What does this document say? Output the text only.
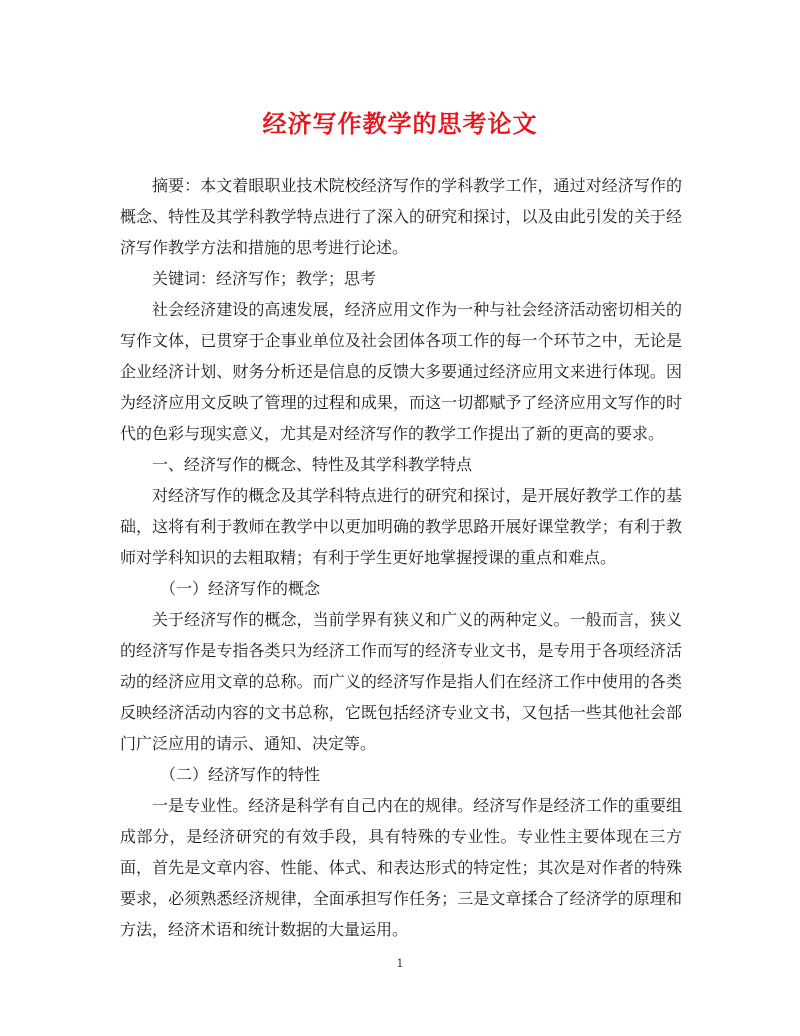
经济写作教学的思考论文

摘要：本文着眼职业技术院校经济写作的学科教学工作，通过对经济写作的概念、特性及其学科教学特点进行了深入的研究和探讨，以及由此引发的关于经济写作教学方法和措施的思考进行论述。

关键词：经济写作；教学；思考

社会经济建设的高速发展，经济应用文作为一种与社会经济活动密切相关的写作文体，已贯穿于企事业单位及社会团体各项工作的每一个环节之中，无论是企业经济计划、财务分析还是信息的反馈大多要通过经济应用文来进行体现。因为经济应用文反映了管理的过程和成果，而这一切都赋予了经济应用文写作的时代的色彩与现实意义，尤其是对经济写作的教学工作提出了新的更高的要求。

一、经济写作的概念、特性及其学科教学特点

对经济写作的概念及其学科特点进行的研究和探讨，是开展好教学工作的基础，这将有利于教师在教学中以更加明确的教学思路开展好课堂教学；有利于教师对学科知识的去粗取精；有利于学生更好地掌握授课的重点和难点。

（一）经济写作的概念

关于经济写作的概念，当前学界有狭义和广义的两种定义。一般而言，狭义的经济写作是专指各类只为经济工作而写的经济专业文书，是专用于各项经济活动的经济应用文章的总称。而广义的经济写作是指人们在经济工作中使用的各类反映经济活动内容的文书总称，它既包括经济专业文书，又包括一些其他社会部门广泛应用的请示、通知、决定等。

（二）经济写作的特性

一是专业性。经济是科学有自己内在的规律。经济写作是经济工作的重要组成部分，是经济研究的有效手段，具有特殊的专业性。专业性主要体现在三方面，首先是文章内容、性能、体式、和表达形式的特定性；其次是对作者的特殊要求，必须熟悉经济规律，全面承担写作任务；三是文章揉合了经济学的原理和方法，经济术语和统计数据的大量运用。

1
